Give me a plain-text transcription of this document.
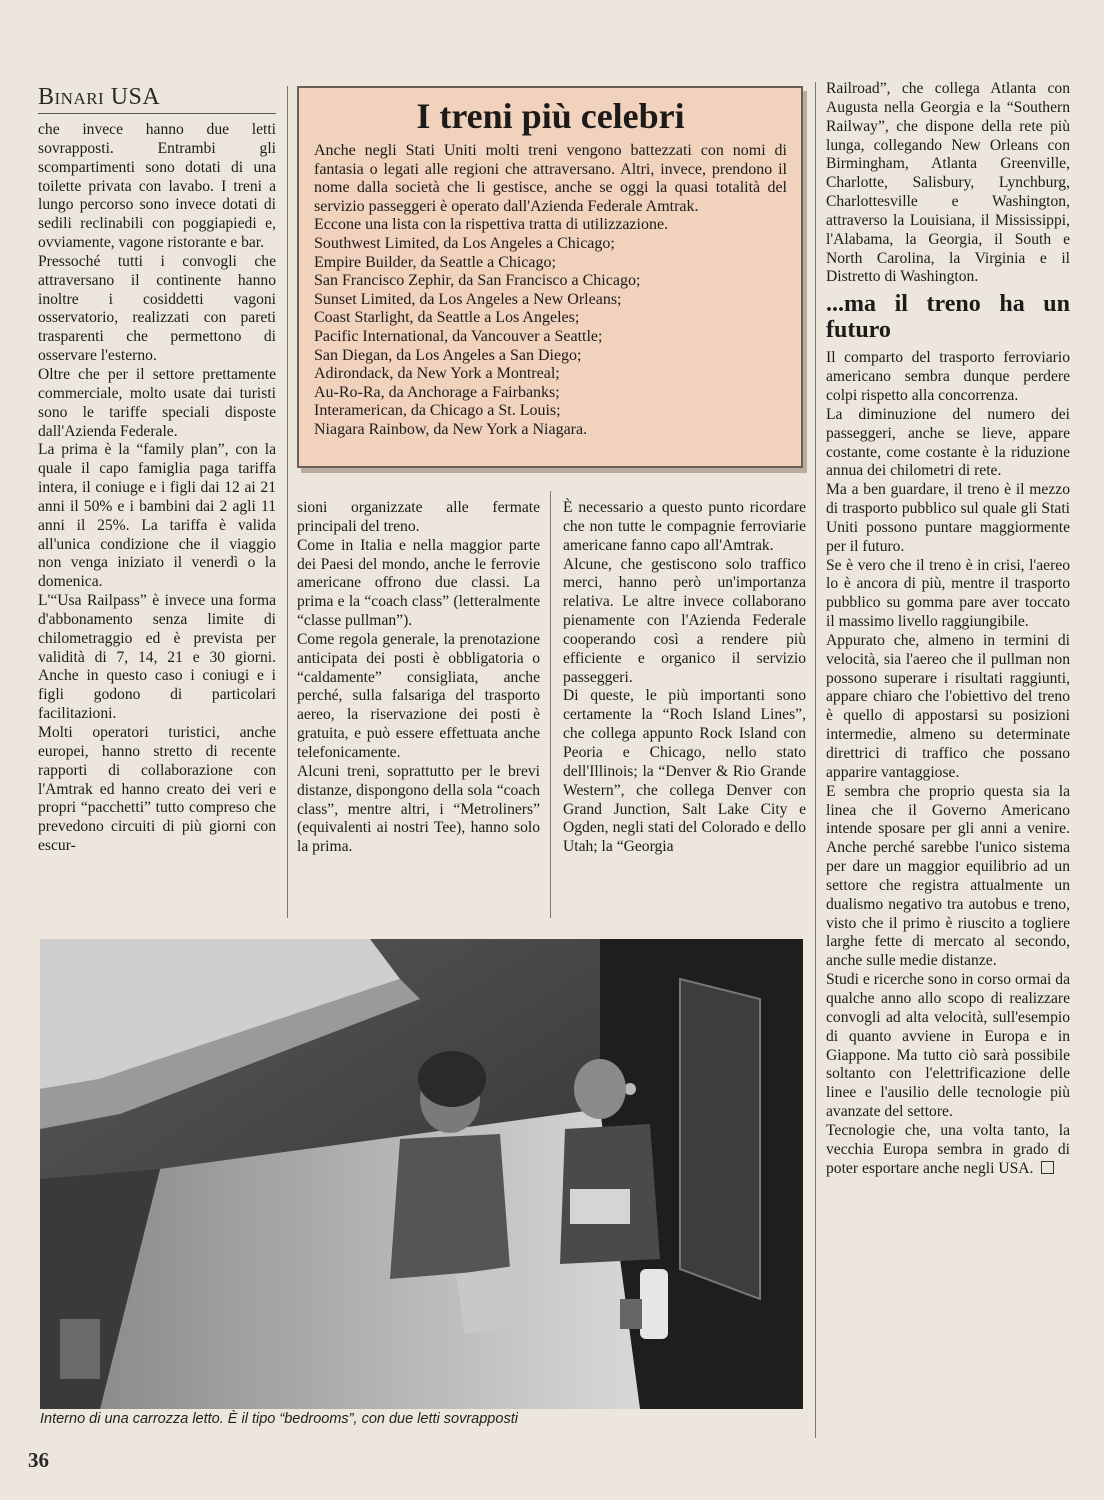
Binari USA

che invece hanno due letti sovrapposti. Entrambi gli scompartimenti sono dotati di una toilette privata con lavabo. I treni a lungo percorso sono invece dotati di sedili reclinabili con poggiapiedi e, ovviamente, vagone ristorante e bar.

Pressoché tutti i convogli che attraversano il continente hanno inoltre i cosiddetti vagoni osservatorio, realizzati con pareti trasparenti che permettono di osservare l'esterno.

Oltre che per il settore prettamente commerciale, molto usate dai turisti sono le tariffe speciali disposte dall'Azienda Federale.

La prima è la “family plan”, con la quale il capo famiglia paga tariffa intera, il coniuge e i figli dai 12 ai 21 anni il 50% e i bambini dai 2 agli 11 anni il 25%. La tariffa è valida all'unica condizione che il viaggio non venga iniziato il venerdì o la domenica.

L'“Usa Railpass” è invece una forma d'abbonamento senza limite di chilometraggio ed è prevista per validità di 7, 14, 21 e 30 giorni. Anche in questo caso i coniugi e i figli godono di particolari facilitazioni.

Molti operatori turistici, anche europei, hanno stretto di recente rapporti di collaborazione con l'Amtrak ed hanno creato dei veri e propri “pacchetti” tutto compreso che prevedono circuiti di più giorni con escur-

I treni più celebri

Anche negli Stati Uniti molti treni vengono battezzati con nomi di fantasia o legati alle regioni che attraversano. Altri, invece, prendono il nome dalla società che li gestisce, anche se oggi la quasi totalità del servizio passeggeri è operato dall'Azienda Federale Amtrak.

Eccone una lista con la rispettiva tratta di utilizzazione.

Southwest Limited, da Los Angeles a Chicago;
Empire Builder, da Seattle a Chicago;
San Francisco Zephir, da San Francisco a Chicago;
Sunset Limited, da Los Angeles a New Orleans;
Coast Starlight, da Seattle a Los Angeles;
Pacific International, da Vancouver a Seattle;
San Diegan, da Los Angeles a San Diego;
Adirondack, da New York a Montreal;
Au-Ro-Ra, da Anchorage a Fairbanks;
Interamerican, da Chicago a St. Louis;
Niagara Rainbow, da New York a Niagara.

sioni organizzate alle fermate principali del treno.

Come in Italia e nella maggior parte dei Paesi del mondo, anche le ferrovie americane offrono due classi. La prima e la “coach class” (letteralmente “classe pullman”).

Come regola generale, la prenotazione anticipata dei posti è obbligatoria o “caldamente” consigliata, anche perché, sulla falsariga del trasporto aereo, la riservazione dei posti è gratuita, e può essere effettuata anche telefonicamente.

Alcuni treni, soprattutto per le brevi distanze, dispongono della sola “coach class”, mentre altri, i “Metroliners” (equivalenti ai nostri Tee), hanno solo la prima.

È necessario a questo punto ricordare che non tutte le compagnie ferroviarie americane fanno capo all'Amtrak.

Alcune, che gestiscono solo traffico merci, hanno però un'importanza relativa. Le altre invece collaborano pienamente con l'Azienda Federale cooperando così a rendere più efficiente e organico il servizio passeggeri.

Di queste, le più importanti sono certamente la “Roch Island Lines”, che collega appunto Rock Island con Peoria e Chicago, nello stato dell'Illinois; la “Denver & Rio Grande Western”, che collega Denver con Grand Junction, Salt Lake City e Ogden, negli stati del Colorado e dello Utah; la “Georgia

Railroad”, che collega Atlanta con Augusta nella Georgia e la “Southern Railway”, che dispone della rete più lunga, collegando New Orleans con Birmingham, Atlanta Greenville, Charlotte, Salisbury, Lynchburg, Charlottesville e Washington, attraverso la Louisiana, il Mississippi, l'Alabama, la Georgia, il South e North Carolina, la Virginia e il Distretto di Washington.

...ma il treno ha un futuro

Il comparto del trasporto ferroviario americano sembra dunque perdere colpi rispetto alla concorrenza.

La diminuzione del numero dei passeggeri, anche se lieve, appare costante, come costante è la riduzione annua dei chilometri di rete.

Ma a ben guardare, il treno è il mezzo di trasporto pubblico sul quale gli Stati Uniti possono puntare maggiormente per il futuro.

Se è vero che il treno è in crisi, l'aereo lo è ancora di più, mentre il trasporto pubblico su gomma pare aver toccato il massimo livello raggiungibile.

Appurato che, almeno in termini di velocità, sia l'aereo che il pullman non possono superare i risultati raggiunti, appare chiaro che l'obiettivo del treno è quello di appostarsi su posizioni intermedie, almeno su determinate direttrici di traffico che possano apparire vantaggiose.

E sembra che proprio questa sia la linea che il Governo Americano intende sposare per gli anni a venire. Anche perché sarebbe l'unico sistema per dare un maggior equilibrio ad un settore che registra attualmente un dualismo negativo tra autobus e treno, visto che il primo è riuscito a togliere larghe fette di mercato al secondo, anche sulle medie distanze.

Studi e ricerche sono in corso ormai da qualche anno allo scopo di realizzare convogli ad alta velocità, sull'esempio di quanto avviene in Europa e in Giappone. Ma tutto ciò sarà possibile soltanto con l'elettrificazione delle linee e l'ausilio delle tecnologie più avanzate del settore.

Tecnologie che, una volta tanto, la vecchia Europa sembra in grado di poter esportare anche negli USA.

Interno di una carrozza letto. È il tipo “bedrooms”, con due letti sovrapposti
36
